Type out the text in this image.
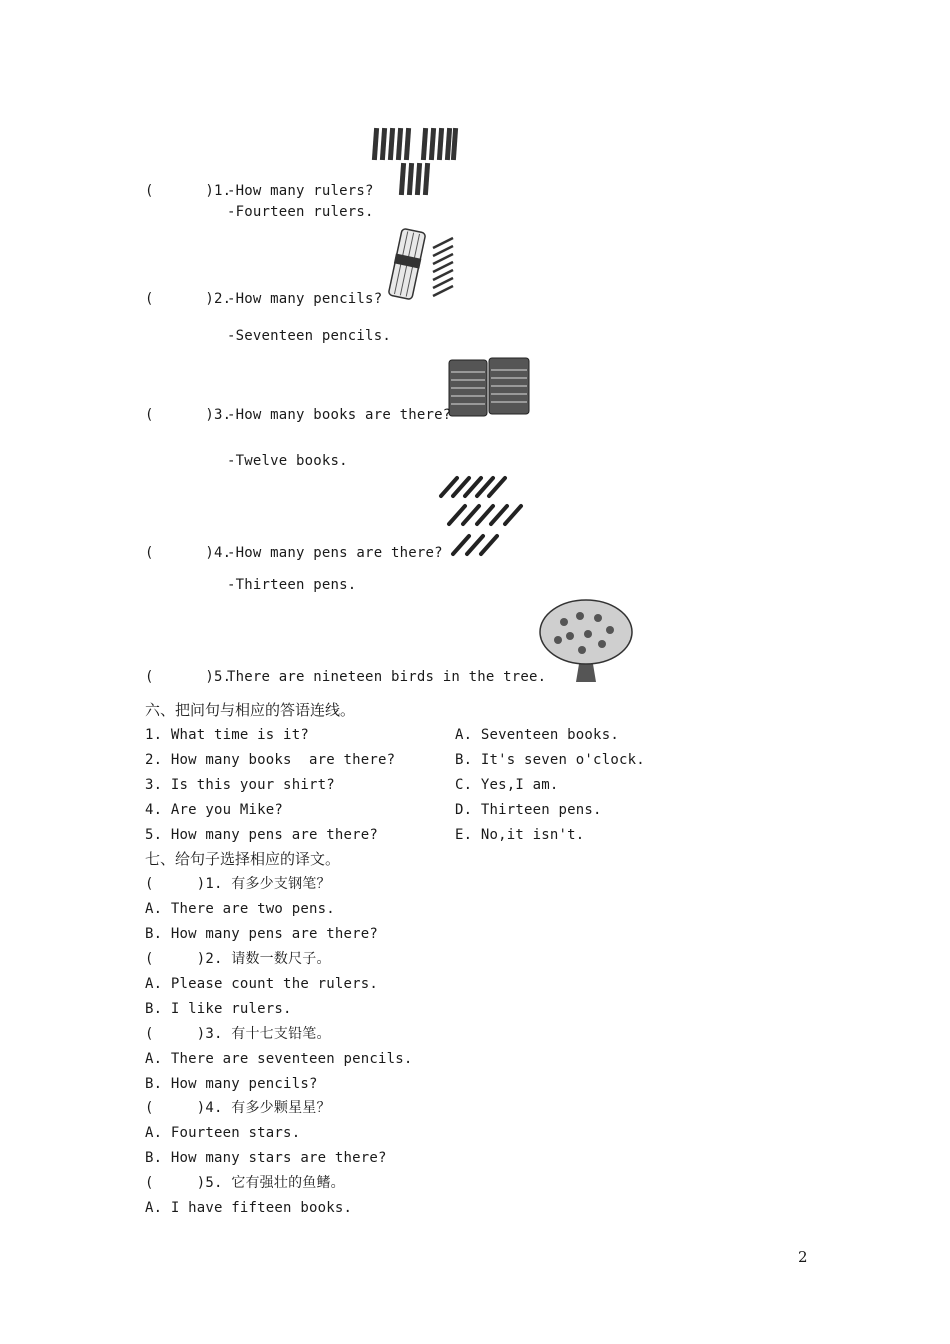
(      )1.
-How many rulers?
-Fourteen rulers.
(      )2.
-How many pencils?
-Seventeen pencils.
(      )3.
-How many books are there?
-Twelve books.
(      )4.
-How many pens are there?
-Thirteen pens.
(      )5.
There are nineteen birds in the tree.
六、把问句与相应的答语连线。
1. What time is it?
2. How many books  are there?
3. Is this your shirt?
4. Are you Mike?
5. How many pens are there?
A. Seventeen books.
B. It's seven o'clock.
C. Yes,I am.
D. Thirteen pens.
E. No,it isn't.
七、给句子选择相应的译文。
(     )1. 有多少支钢笔？
A. There are two pens.
B. How many pens are there?
(     )2. 请数一数尺子。
A. Please count the rulers.
B. I like rulers.
(     )3. 有十七支铅笔。
A. There are seventeen pencils.
B. How many pencils?
(     )4. 有多少颗星星？
A. Fourteen stars.
B. How many stars are there?
(     )5. 它有强壮的鱼鳍。
A. I have fifteen books.
2
